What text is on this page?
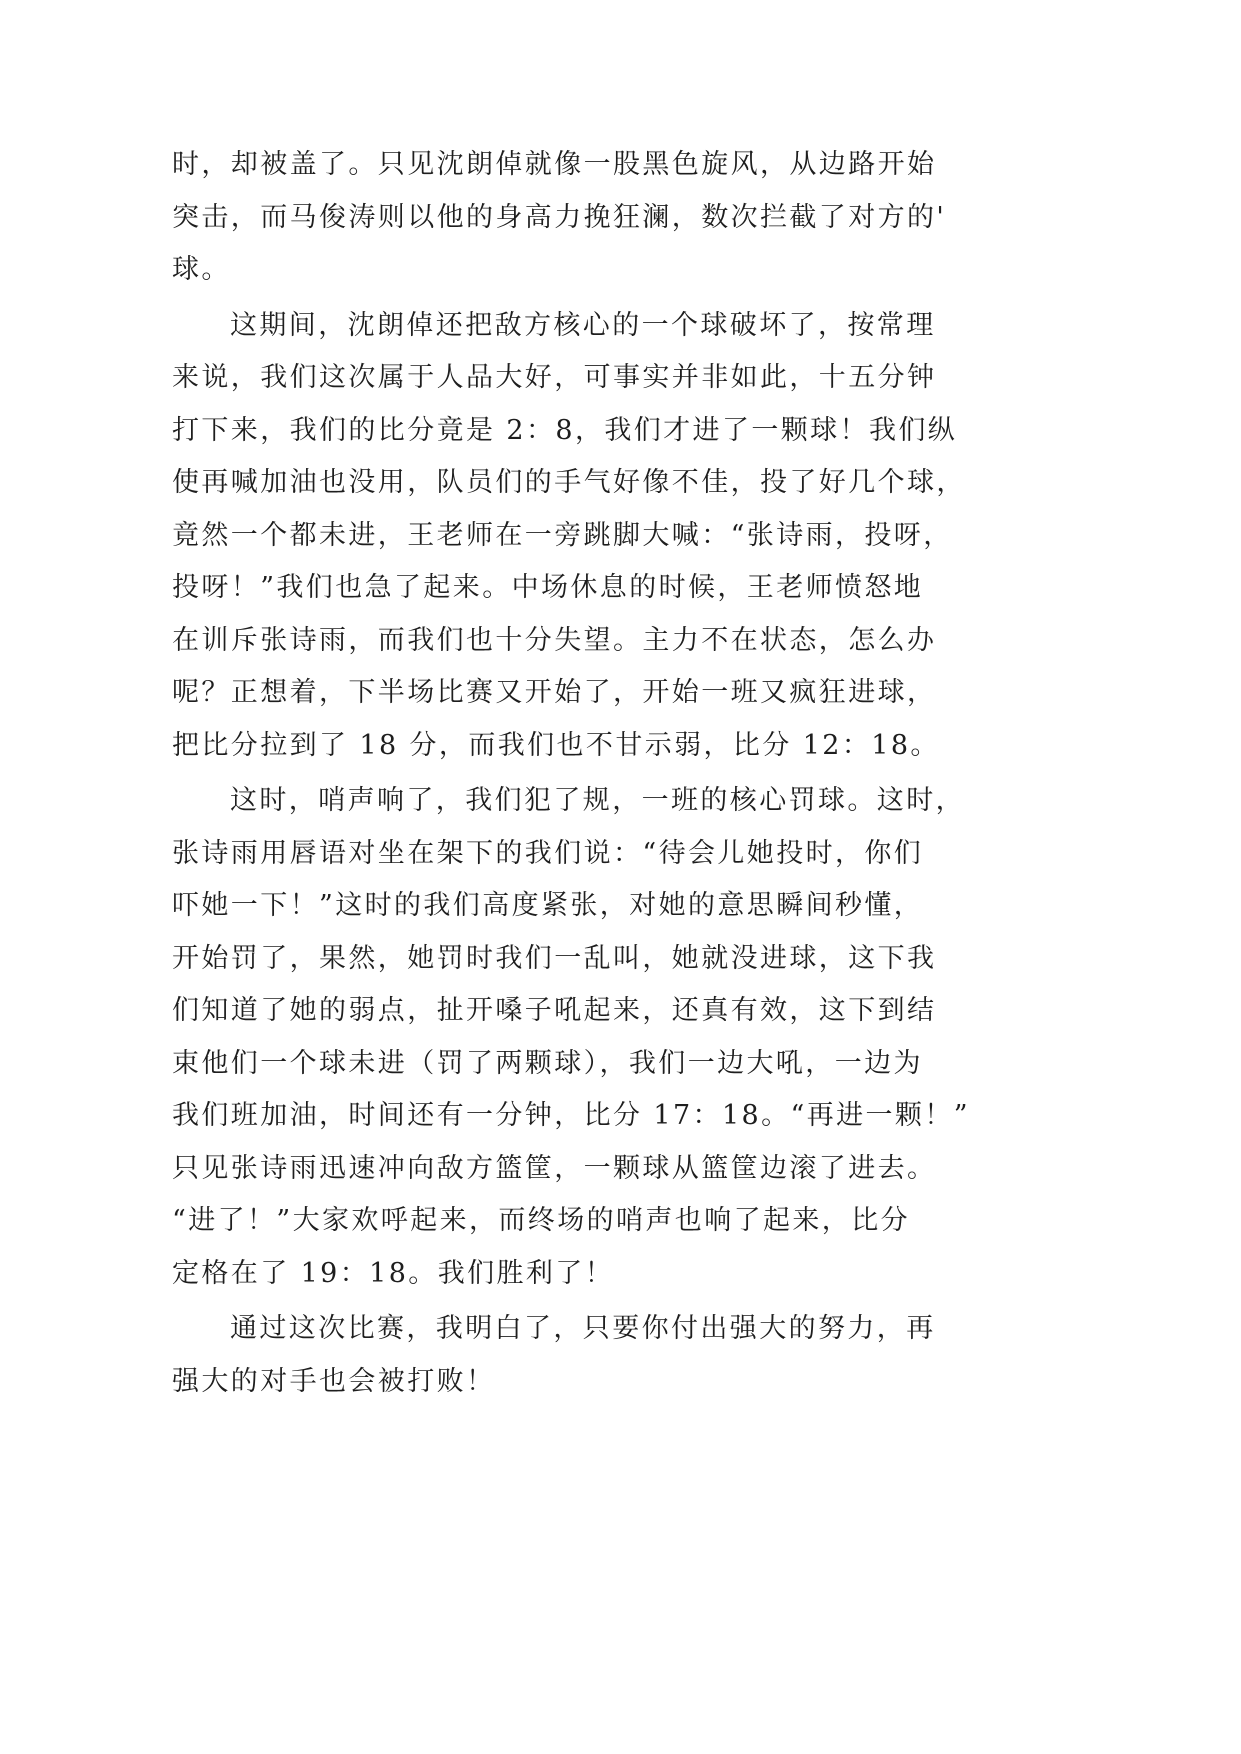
时，却被盖了。只见沈朗倬就像一股黑色旋风，从边路开始
突击，而马俊涛则以他的身高力挽狂澜，数次拦截了对方的'
球。
这期间，沈朗倬还把敌方核心的一个球破坏了，按常理
来说，我们这次属于人品大好，可事实并非如此，十五分钟
打下来，我们的比分竟是 2：8，我们才进了一颗球！我们纵
使再喊加油也没用，队员们的手气好像不佳，投了好几个球，
竟然一个都未进，王老师在一旁跳脚大喊：“张诗雨，投呀，
投呀！”我们也急了起来。中场休息的时候，王老师愤怒地
在训斥张诗雨，而我们也十分失望。主力不在状态，怎么办
呢？正想着，下半场比赛又开始了，开始一班又疯狂进球，
把比分拉到了 18 分，而我们也不甘示弱，比分 12：18。
这时，哨声响了，我们犯了规，一班的核心罚球。这时，
张诗雨用唇语对坐在架下的我们说：“待会儿她投时，你们
吓她一下！”这时的我们高度紧张，对她的意思瞬间秒懂，
开始罚了，果然，她罚时我们一乱叫，她就没进球，这下我
们知道了她的弱点，扯开嗓子吼起来，还真有效，这下到结
束他们一个球未进（罚了两颗球），我们一边大吼，一边为
我们班加油，时间还有一分钟，比分 17：18。“再进一颗！”
只见张诗雨迅速冲向敌方篮筐，一颗球从篮筐边滚了进去。
“进了！”大家欢呼起来，而终场的哨声也响了起来，比分
定格在了 19：18。我们胜利了！
通过这次比赛，我明白了，只要你付出强大的努力，再
强大的对手也会被打败！
